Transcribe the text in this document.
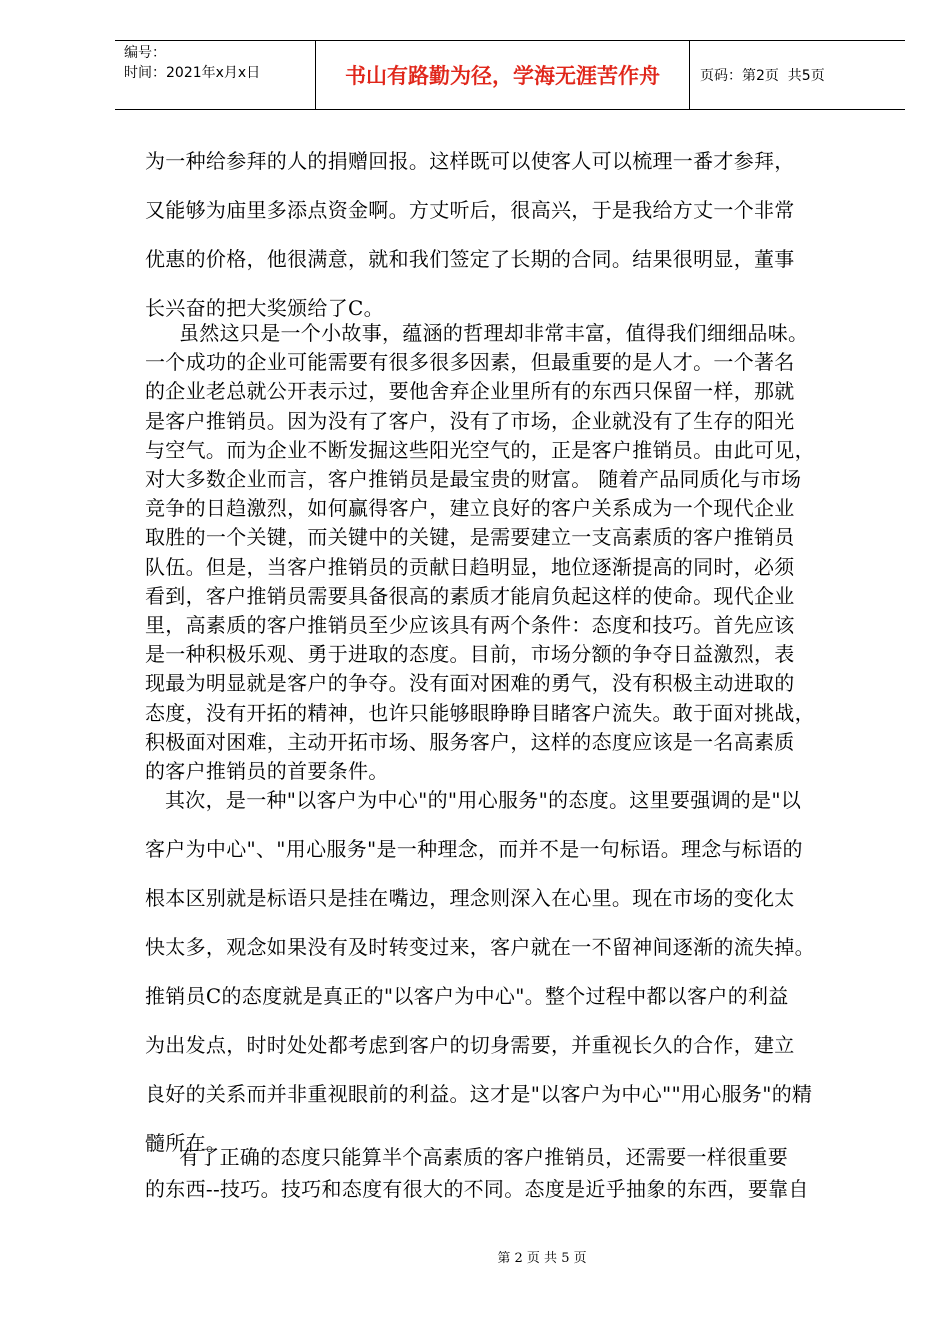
编号：
时间：2021年x月x日	书山有路勤为径，学海无涯苦作舟	页码：第2页  共5页
为一种给参拜的人的捐赠回报。这样既可以使客人可以梳理一番才参拜，
又能够为庙里多添点资金啊。方丈听后，很高兴，于是我给方丈一个非常
优惠的价格，他很满意，就和我们签定了长期的合同。结果很明显，董事
长兴奋的把大奖颁给了C。
虽然这只是一个小故事，蕴涵的哲理却非常丰富，值得我们细细品味。
一个成功的企业可能需要有很多很多因素，但最重要的是人才。一个著名
的企业老总就公开表示过，要他舍弃企业里所有的东西只保留一样，那就
是客户推销员。因为没有了客户，没有了市场，企业就没有了生存的阳光
与空气。而为企业不断发掘这些阳光空气的，正是客户推销员。由此可见，
对大多数企业而言，客户推销员是最宝贵的财富。 随着产品同质化与市场
竞争的日趋激烈，如何赢得客户，建立良好的客户关系成为一个现代企业
取胜的一个关键，而关键中的关键，是需要建立一支高素质的客户推销员
队伍。但是，当客户推销员的贡献日趋明显，地位逐渐提高的同时，必须
看到，客户推销员需要具备很高的素质才能肩负起这样的使命。现代企业
里，高素质的客户推销员至少应该具有两个条件：态度和技巧。首先应该
是一种积极乐观、勇于进取的态度。目前，市场分额的争夺日益激烈，表
现最为明显就是客户的争夺。没有面对困难的勇气，没有积极主动进取的
态度，没有开拓的精神，也许只能够眼睁睁目睹客户流失。敢于面对挑战，
积极面对困难，主动开拓市场、服务客户，这样的态度应该是一名高素质
的客户推销员的首要条件。
其次，是一种"以客户为中心"的"用心服务"的态度。这里要强调的是"以
客户为中心"、"用心服务"是一种理念，而并不是一句标语。理念与标语的
根本区别就是标语只是挂在嘴边，理念则深入在心里。现在市场的变化太
快太多，观念如果没有及时转变过来，客户就在一不留神间逐渐的流失掉。
推销员C的态度就是真正的"以客户为中心"。整个过程中都以客户的利益
为出发点，时时处处都考虑到客户的切身需要，并重视长久的合作，建立
良好的关系而并非重视眼前的利益。这才是"以客户为中心""用心服务"的精
髓所在。
有了正确的态度只能算半个高素质的客户推销员，还需要一样很重要
的东西--技巧。技巧和态度有很大的不同。态度是近乎抽象的东西，要靠自
第 2 页 共 5 页
